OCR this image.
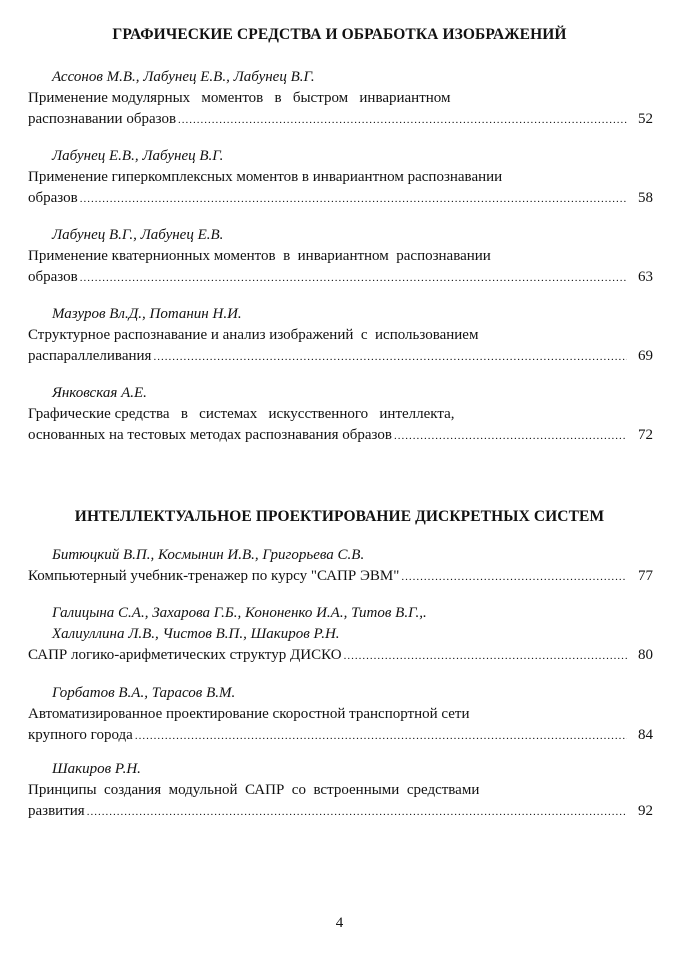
ГРАФИЧЕСКИЕ СРЕДСТВА И ОБРАБОТКА ИЗОБРАЖЕНИЙ
Ассонов М.В., Лабунец Е.В., Лабунец В.Г.
Применение модулярных   моментов   в   быстром   инвариантном
распознавании образов .....	52
Лабунец Е.В., Лабунец В.Г.
Применение гиперкомплексных моментов в инвариантном распознавании
образов .....	58
Лабунец В.Г., Лабунец Е.В.
Применение кватернионных моментов  в  инвариантном  распознавании
образов .....	63
Мазуров Вл.Д., Потанин Н.И.
Структурное распознавание и анализ изображений  с  использованием
распараллеливания .....	69
Янковская А.Е.
Графические средства   в   системах   искусственного   интеллекта,
основанных на тестовых методах распознавания образов .....	72
ИНТЕЛЛЕКТУАЛЬНОЕ ПРОЕКТИРОВАНИЕ ДИСКРЕТНЫХ СИСТЕМ
Битюцкий В.П., Космынин И.В., Григорьева С.В.
Компьютерный учебник-тренажер по курсу "САПР ЭВМ" .....	77
Галицына С.А., Захарова Г.Б., Кононенко И.А., Титов В.Г.,.
Халиуллина Л.В., Чистов В.П., Шакиров Р.Н.
САПР логико-арифметических структур ДИСКО .....	80
Горбатов В.А., Тарасов В.М.
Автоматизированное проектирование скоростной транспортной сети
крупного города .....	84
Шакиров Р.Н.
Принципы  создания  модульной  САПР  со  встроенными  средствами
развития .....	92
4
